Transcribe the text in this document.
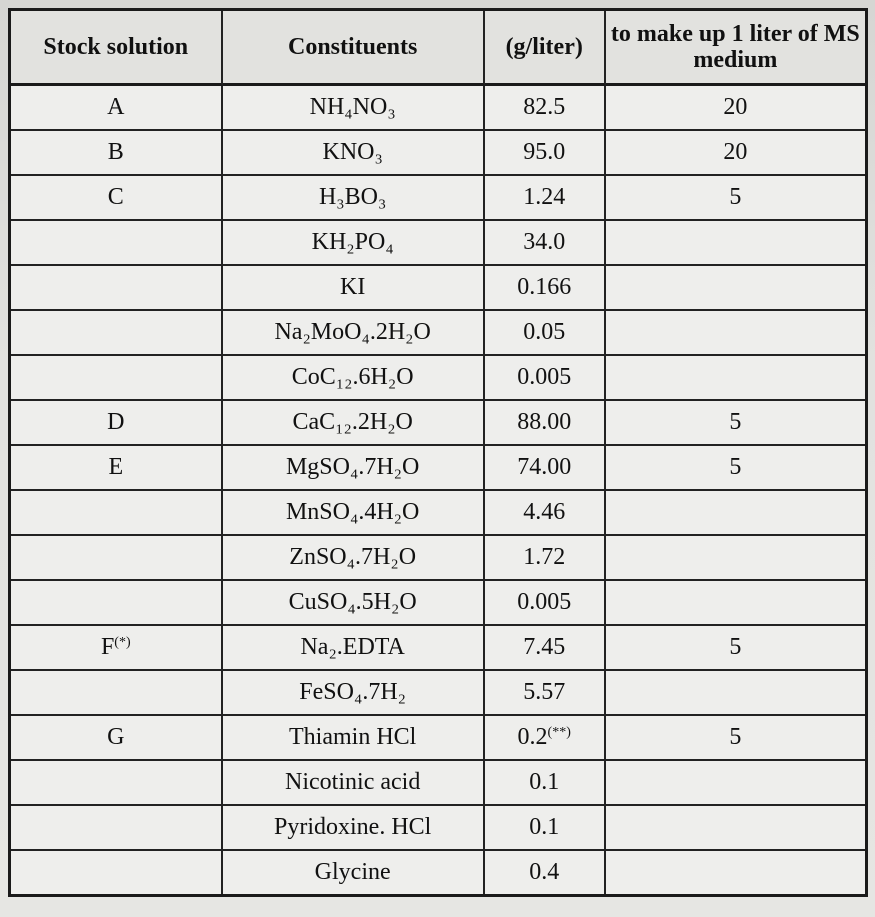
Stock solution	Constituents	(g/liter)	to make up 1 liter of MS medium
A	NH₄NO₃	82.5	20
B	KNO₃	95.0	20
C	H₃BO₃	1.24	5
	KH₂PO₄	34.0	
	KI	0.166	
	Na₂MoO₄.2H₂O	0.05	
	CoC₁₂.6H₂O	0.005	
D	CaC₁₂.2H₂O	88.00	5
E	MgSO₄.7H₂O	74.00	5
	MnSO₄.4H₂O	4.46	
	ZnSO₄.7H₂O	1.72	
	CuSO₄.5H₂O	0.005	
F(*)	Na₂.EDTA	7.45	5
	FeSO₄.7H₂	5.57	
G	Thiamin HCl	0.2(**)	5
	Nicotinic acid	0.1	
	Pyridoxine. HCl	0.1	
	Glycine	0.4	
